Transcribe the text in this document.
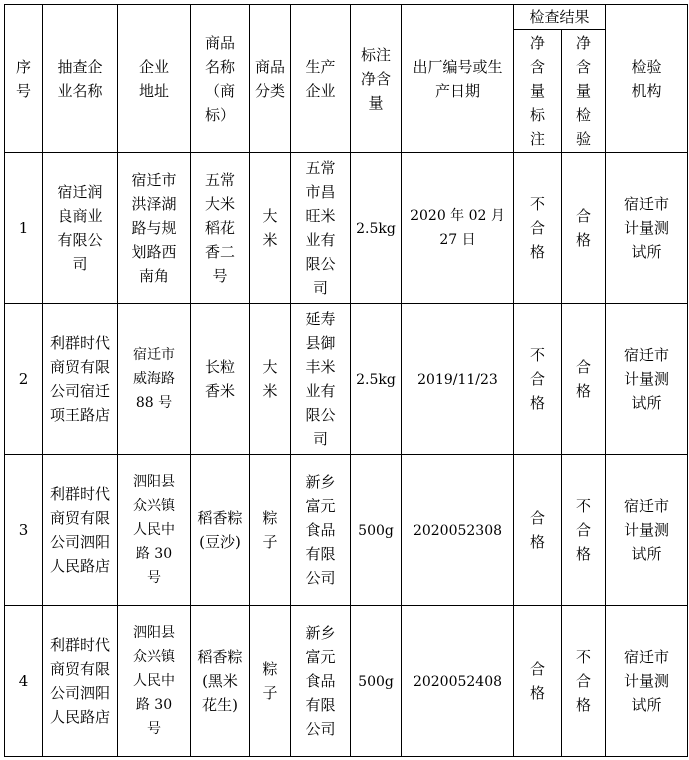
序号	抽查企业名称	企业地址	商品名称（商标）	商品分类	生产企业	标注净含量	出厂编号或生产日期	检查结果		检验机构
								净含量标注	净含量检验	
1	宿迁润良商业有限公司	宿迁市洪泽湖路与规划路西南角	五常大米稻花香二号	大米	五常市昌旺米业有限公司	2.5kg	2020 年 02 月 27 日	不合格	合格	宿迁市计量测试所
2	利群时代商贸有限公司宿迁项王路店	宿迁市威海路 88 号	长粒香米	大米	延寿县御丰米业有限公司	2.5kg	2019/11/23	不合格	合格	宿迁市计量测试所
3	利群时代商贸有限公司泗阳人民路店	泗阳县众兴镇人民中路 30 号	稻香粽(豆沙)	粽子	新乡富元食品有限公司	500g	2020052308	合格	不合格	宿迁市计量测试所
4	利群时代商贸有限公司泗阳人民路店	泗阳县众兴镇人民中路 30 号	稻香粽(黑米花生)	粽子	新乡富元食品有限公司	500g	2020052408	合格	不合格	宿迁市计量测试所
